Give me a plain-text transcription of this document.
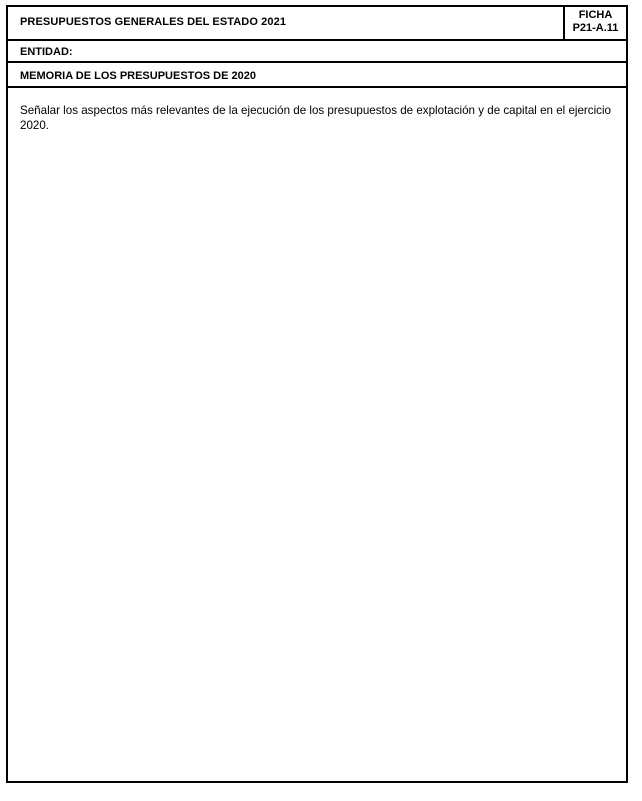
PRESUPUESTOS GENERALES DEL ESTADO 2021
FICHA
P21-A.11
ENTIDAD:
MEMORIA DE LOS PRESUPUESTOS DE 2020
Señalar los aspectos más relevantes de la ejecución de los presupuestos de explotación y de capital en el ejercicio 2020.
